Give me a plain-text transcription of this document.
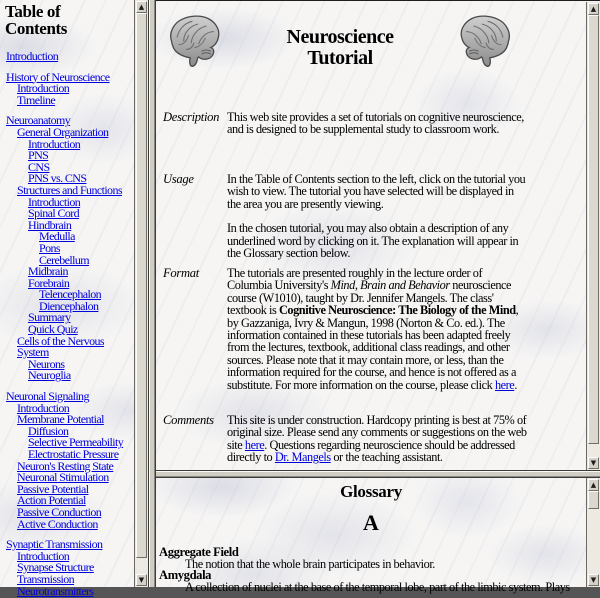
Table of Contents
Introduction
History of Neuroscience
Introduction
Timeline
Neuroanatomy
General Organization
Introduction
PNS
CNS
PNS vs. CNS
Structures and Functions
Introduction
Spinal Cord
Hindbrain
Medulla
Pons
Cerebellum
Midbrain
Forebrain
Telencephalon
Diencephalon
Summary
Quick Quiz
Cells of the Nervous System
Neurons
Neuroglia
Neuronal Signaling
Introduction
Membrane Potential
Diffusion
Selective Permeability
Electrostatic Pressure
Neuron's Resting State
Neuronal Stimulation
Passive Potential
Action Potential
Passive Conduction
Active Conduction
Synaptic Transmission
Introduction
Synapse Structure
Transmission
Neurotransmitters
▲
▼
Neuroscience Tutorial
Description This web site provides a set of tutorials on cognitive neuroscience, and is designed to be supplemental study to classroom work.

Usage	In the Table of Contents section to the left, click on the tutorial you wish to view. The tutorial you have selected will be displayed in the area you are presently viewing.

In the chosen tutorial, you may also obtain a description of any underlined word by clicking on it. The explanation will appear in the Glossary section below.

Format	The tutorials are presented roughly in the lecture order of Columbia University's Mind, Brain and Behavior neuroscience course (W1010), taught by Dr. Jennifer Mangels. The class' textbook is Cognitive Neuroscience: The Biology of the Mind, by Gazzaniga, Ivry & Mangun, 1998 (Norton & Co. ed.). The information contained in these tutorials has been adapted freely from the lectures, textbook, additional class readings, and other sources. Please note that it may contain more, or less, than the information required for the course, and hence is not offered as a substitute. For more information on the course, please click here.

Comments	This site is under construction. Hardcopy printing is best at 75% of original size. Please send any comments or suggestions on the web site here. Questions regarding neuroscience should be addressed directly to Dr. Mangels or the teaching assistant.

▲
▼
Glossary
A
Aggregate Field
The notion that the whole brain participates in behavior.
Amygdala
A collection of nuclei at the base of the temporal lobe, part of the limbic system. Plays
▲
▼
